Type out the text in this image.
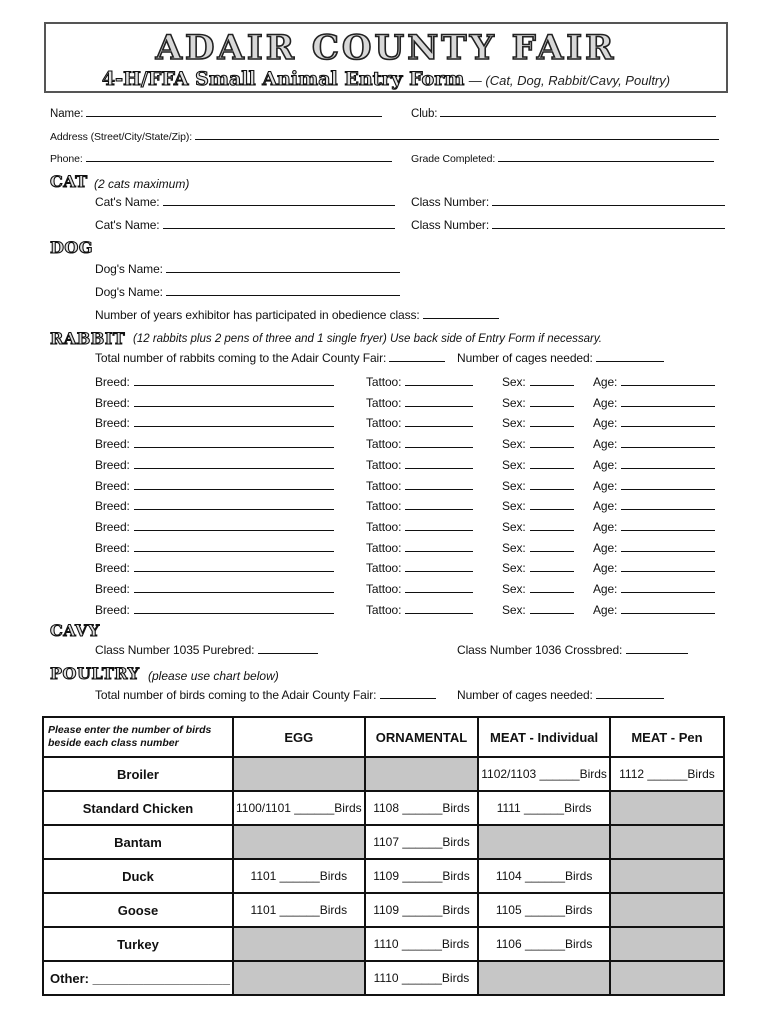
ADAIR COUNTY FAIR
4-H/FFA Small Animal Entry Form — (Cat, Dog, Rabbit/Cavy, Poultry)
Name:	Club:
Address (Street/City/State/Zip):
Phone:	Grade Completed:
CAT (2 cats maximum)
Cat's Name:	Class Number:
Cat's Name:	Class Number:
DOG
Dog's Name:
Dog's Name:
Number of years exhibitor has participated in obedience class:
RABBIT (12 rabbits plus 2 pens of three and 1 single fryer) Use back side of Entry Form if necessary.
Total number of rabbits coming to the Adair County Fair:	Number of cages needed:
Breed:	Tattoo:	Sex:	Age:
Breed:	Tattoo:	Sex:	Age:
Breed:	Tattoo:	Sex:	Age:
Breed:	Tattoo:	Sex:	Age:
Breed:	Tattoo:	Sex:	Age:
Breed:	Tattoo:	Sex:	Age:
Breed:	Tattoo:	Sex:	Age:
Breed:	Tattoo:	Sex:	Age:
Breed:	Tattoo:	Sex:	Age:
Breed:	Tattoo:	Sex:	Age:
Breed:	Tattoo:	Sex:	Age:
Breed:	Tattoo:	Sex:	Age:
CAVY
Class Number 1035 Purebred:	Class Number 1036 Crossbred:
POULTRY (please use chart below)
Total number of birds coming to the Adair County Fair:	Number of cages needed:
Please enter the number of birds beside each class number	EGG	ORNAMENTAL	MEAT - Individual	MEAT - Pen
Broiler			1102/1103 ______Birds	1112 ______Birds
Standard Chicken	1100/1101 ______Birds	1108 ______Birds	1111 ______Birds	
Bantam		1107 ______Birds		
Duck	1101 ______Birds	1109 ______Birds	1104 ______Birds	
Goose	1101 ______Birds	1109 ______Birds	1105 ______Birds	
Turkey		1110 ______Birds	1106 ______Birds	
Other: ___________________		1110 ______Birds		
